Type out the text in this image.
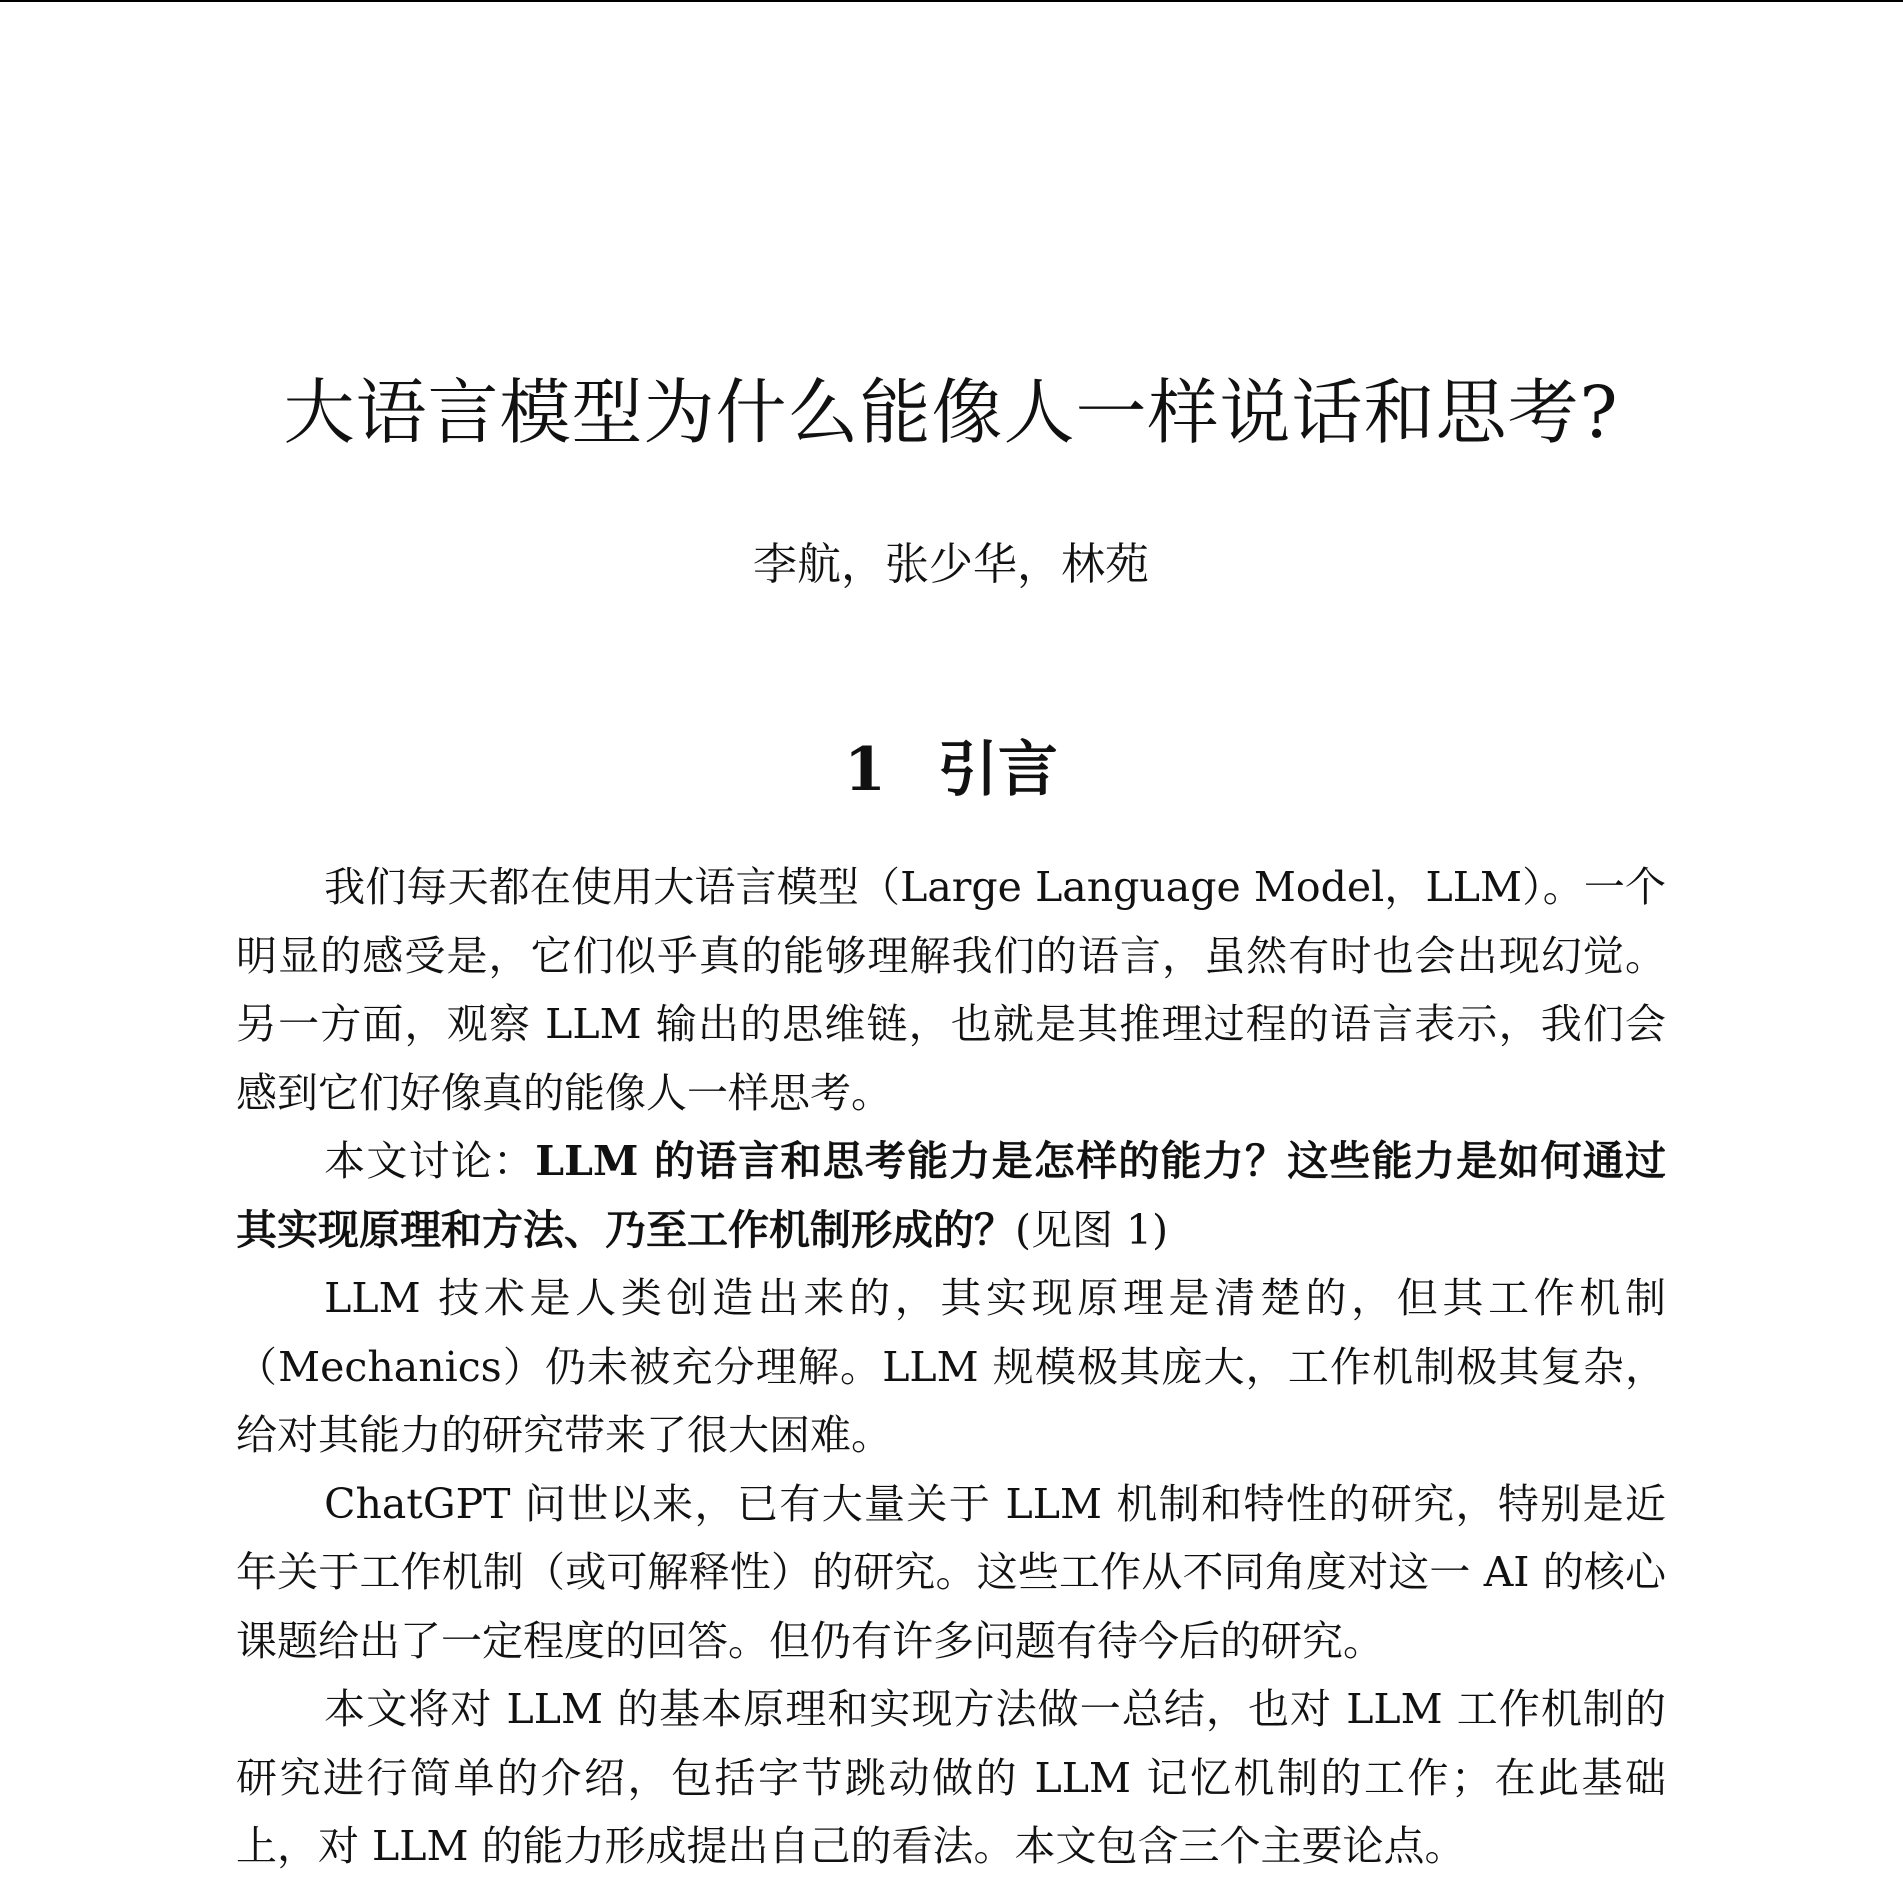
大语言模型为什么能像人一样说话和思考?
李航，张少华，林苑
1 引言

我们每天都在使用大语言模型（Large Language Model，LLM）。一个明显的感受是，它们似乎真的能够理解我们的语言，虽然有时也会出现幻觉。另一方面，观察 LLM 输出的思维链，也就是其推理过程的语言表示，我们会感到它们好像真的能像人一样思考。

本文讨论：LLM 的语言和思考能力是怎样的能力？这些能力是如何通过其实现原理和方法、乃至工作机制形成的？(见图 1)

LLM 技术是人类创造出来的，其实现原理是清楚的，但其工作机制（Mechanics）仍未被充分理解。LLM 规模极其庞大，工作机制极其复杂，给对其能力的研究带来了很大困难。

ChatGPT 问世以来，已有大量关于 LLM 机制和特性的研究，特别是近年关于工作机制（或可解释性）的研究。这些工作从不同角度对这一 AI 的核心课题给出了一定程度的回答。但仍有许多问题有待今后的研究。

本文将对 LLM 的基本原理和实现方法做一总结，也对 LLM 工作机制的研究进行简单的介绍，包括字节跳动做的 LLM 记忆机制的工作；在此基础上，对 LLM 的能力形成提出自己的看法。本文包含三个主要论点。
